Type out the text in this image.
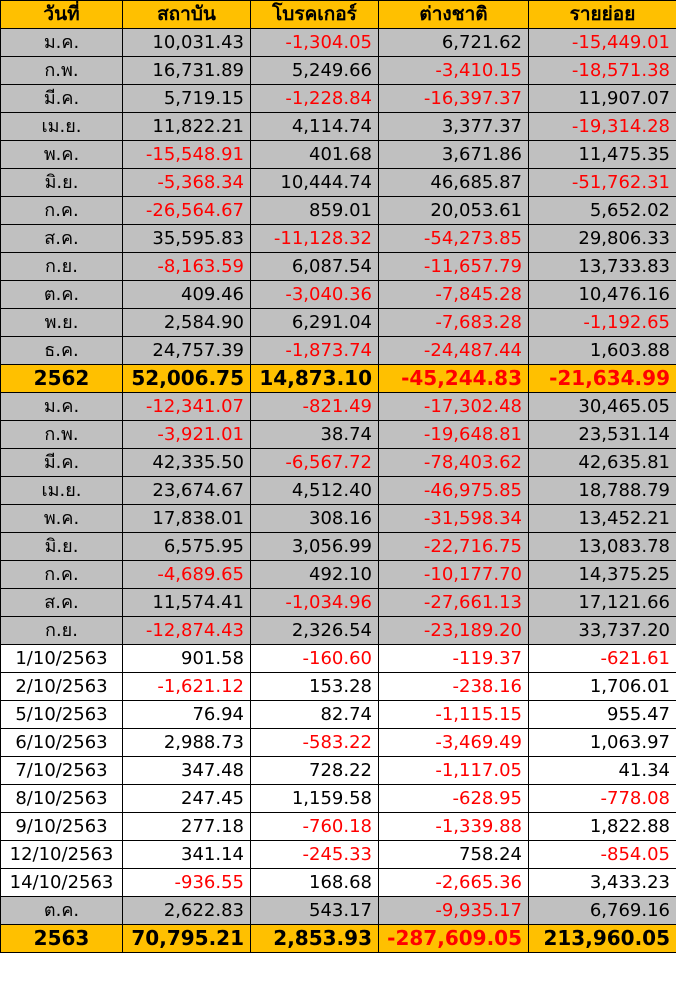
วันที่	สถาบัน	โบรคเกอร์	ต่างชาติ	รายย่อย
ม.ค.	10,031.43	-1,304.05	6,721.62	-15,449.01
ก.พ.	16,731.89	5,249.66	-3,410.15	-18,571.38
มี.ค.	5,719.15	-1,228.84	-16,397.37	11,907.07
เม.ย.	11,822.21	4,114.74	3,377.37	-19,314.28
พ.ค.	-15,548.91	401.68	3,671.86	11,475.35
มิ.ย.	-5,368.34	10,444.74	46,685.87	-51,762.31
ก.ค.	-26,564.67	859.01	20,053.61	5,652.02
ส.ค.	35,595.83	-11,128.32	-54,273.85	29,806.33
ก.ย.	-8,163.59	6,087.54	-11,657.79	13,733.83
ต.ค.	409.46	-3,040.36	-7,845.28	10,476.16
พ.ย.	2,584.90	6,291.04	-7,683.28	-1,192.65
ธ.ค.	24,757.39	-1,873.74	-24,487.44	1,603.88
2562	52,006.75	14,873.10	-45,244.83	-21,634.99
ม.ค.	-12,341.07	-821.49	-17,302.48	30,465.05
ก.พ.	-3,921.01	38.74	-19,648.81	23,531.14
มี.ค.	42,335.50	-6,567.72	-78,403.62	42,635.81
เม.ย.	23,674.67	4,512.40	-46,975.85	18,788.79
พ.ค.	17,838.01	308.16	-31,598.34	13,452.21
มิ.ย.	6,575.95	3,056.99	-22,716.75	13,083.78
ก.ค.	-4,689.65	492.10	-10,177.70	14,375.25
ส.ค.	11,574.41	-1,034.96	-27,661.13	17,121.66
ก.ย.	-12,874.43	2,326.54	-23,189.20	33,737.20
1/10/2563	901.58	-160.60	-119.37	-621.61
2/10/2563	-1,621.12	153.28	-238.16	1,706.01
5/10/2563	76.94	82.74	-1,115.15	955.47
6/10/2563	2,988.73	-583.22	-3,469.49	1,063.97
7/10/2563	347.48	728.22	-1,117.05	41.34
8/10/2563	247.45	1,159.58	-628.95	-778.08
9/10/2563	277.18	-760.18	-1,339.88	1,822.88
12/10/2563	341.14	-245.33	758.24	-854.05
14/10/2563	-936.55	168.68	-2,665.36	3,433.23
ต.ค.	2,622.83	543.17	-9,935.17	6,769.16
2563	70,795.21	2,853.93	-287,609.05	213,960.05
